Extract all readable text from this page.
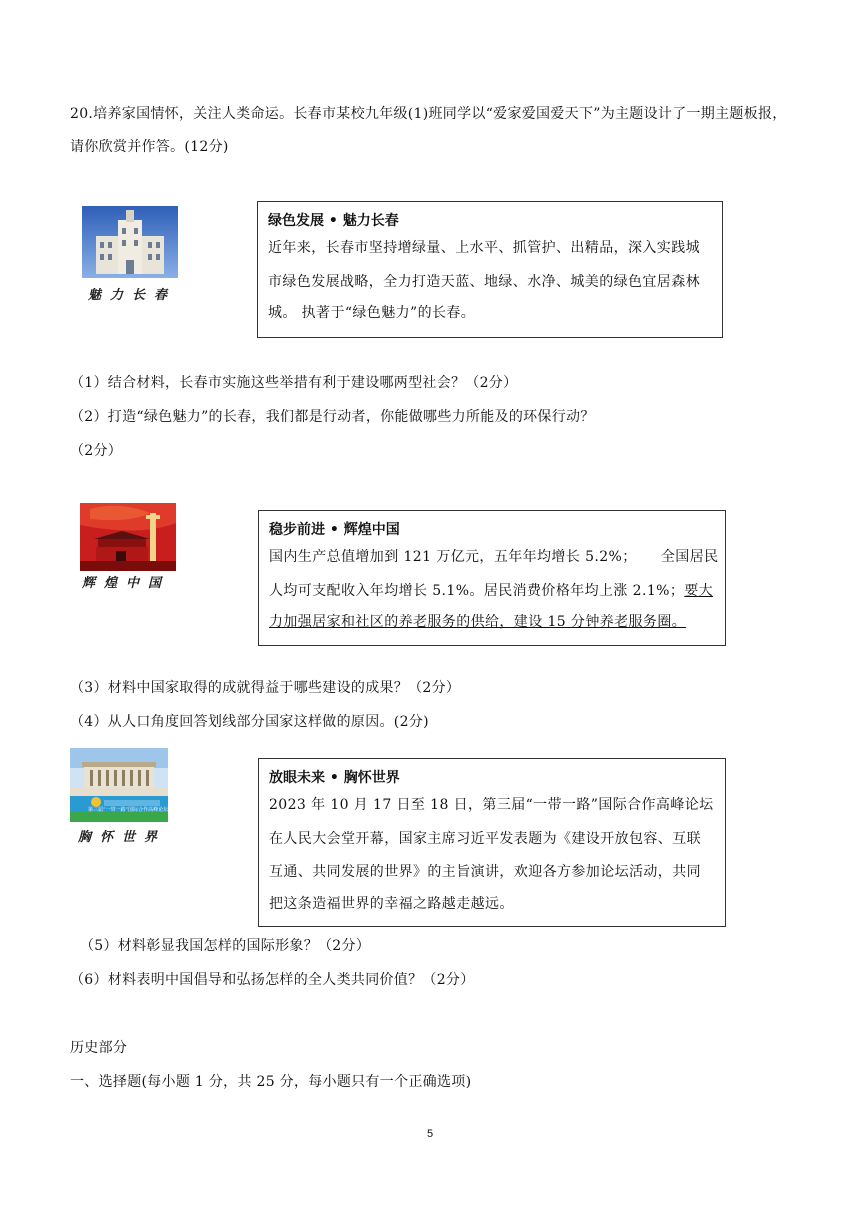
20.培养家国情怀，关注人类命运。长春市某校九年级(1)班同学以“爱家爱国爱天下”为主题设计了一期主题板报，请你欣赏并作答。(12分)
魅力长春
绿色发展 • 魅力长春
近年来，长春市坚持增绿量、上水平、抓管护、出精品，深入实践城
市绿色发展战略，全力打造天蓝、地绿、水净、城美的绿色宜居森林
城。 执著于“绿色魅力”的长春。
（1）结合材料，长春市实施这些举措有利于建设哪两型社会？（2分）
（2）打造“绿色魅力”的长春，我们都是行动者，你能做哪些力所能及的环保行动？
（2分）
辉煌中国
稳步前进 • 辉煌中国
国内生产总值增加到 121 万亿元，五年年均增长 5.2%；     全国居民
人均可支配收入年均增长 5.1%。居民消费价格年均上涨 2.1%；要大
力加强居家和社区的养老服务的供给，建设 15 分钟养老服务圈。
（3）材料中国家取得的成就得益于哪些建设的成果？（2分）
（4）从人口角度回答划线部分国家这样做的原因。(2分)
第三届“一带一路”国际合作高峰论坛
胸怀世界
放眼未来 • 胸怀世界
2023 年 10 月 17 日至 18 日，第三届“一带一路”国际合作高峰论坛
在人民大会堂开幕，国家主席习近平发表题为《建设开放包容、互联
互通、共同发展的世界》的主旨演讲，欢迎各方参加论坛活动，共同
把这条造福世界的幸福之路越走越远。
（5）材料彰显我国怎样的国际形象？（2分）
（6）材料表明中国倡导和弘扬怎样的全人类共同价值？（2分）
历史部分
一、选择题(每小题 1 分，共 25 分，每小题只有一个正确选项)
5
